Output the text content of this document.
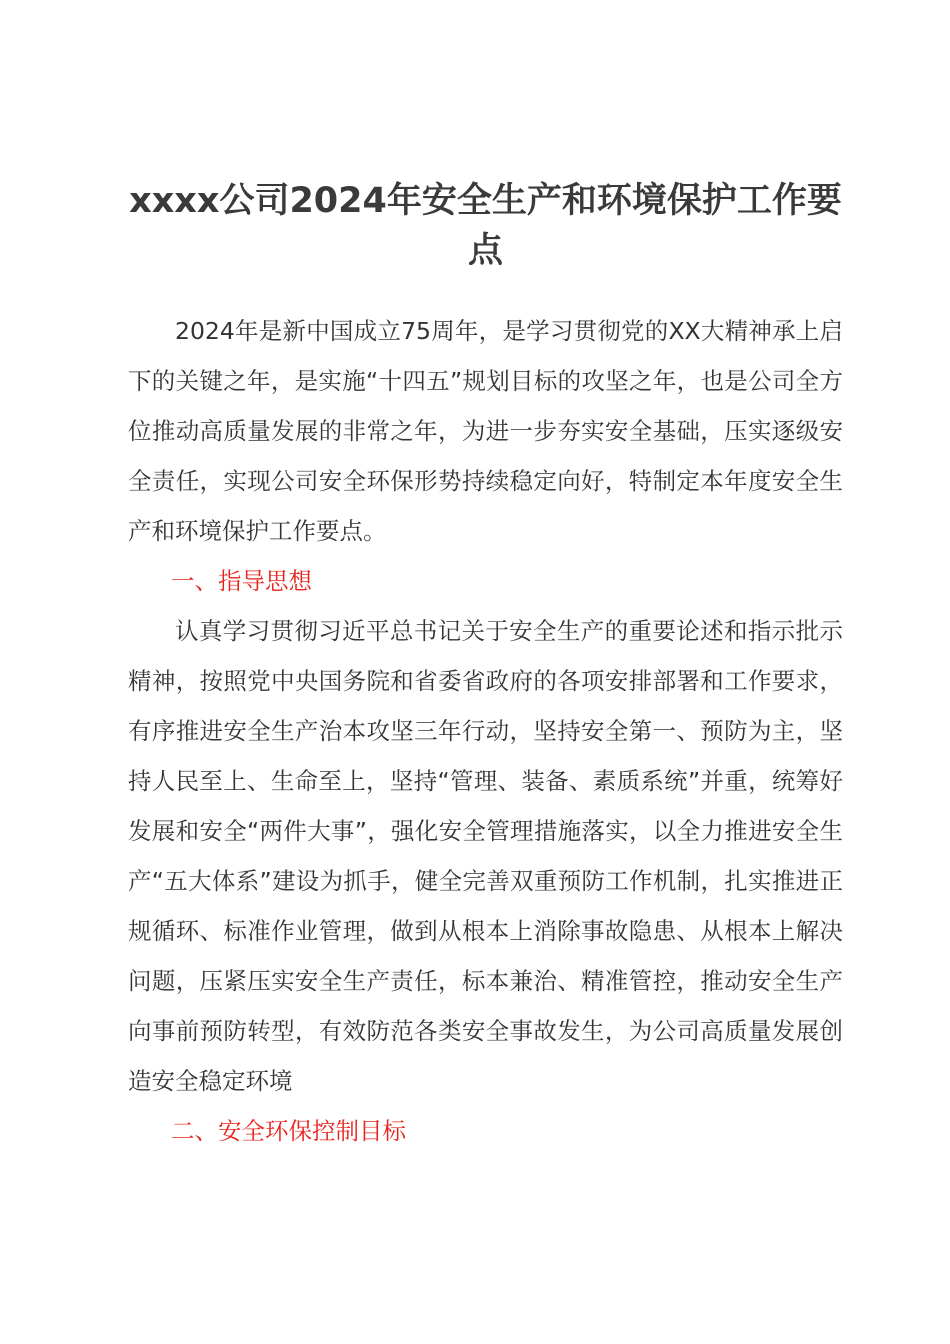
xxxx公司2024年安全生产和环境保护工作要点

2024年是新中国成立75周年，是学习贯彻党的XX大精神承上启下的关键之年，是实施“十四五”规划目标的攻坚之年，也是公司全方位推动高质量发展的非常之年，为进一步夯实安全基础，压实逐级安全责任，实现公司安全环保形势持续稳定向好，特制定本年度安全生产和环境保护工作要点。

一、指导思想

认真学习贯彻习近平总书记关于安全生产的重要论述和指示批示精神，按照党中央国务院和省委省政府的各项安排部署和工作要求，有序推进安全生产治本攻坚三年行动，坚持安全第一、预防为主，坚持人民至上、生命至上，坚持“管理、装备、素质系统”并重，统筹好发展和安全“两件大事”，强化安全管理措施落实，以全力推进安全生产“五大体系”建设为抓手，健全完善双重预防工作机制，扎实推进正规循环、标准作业管理，做到从根本上消除事故隐患、从根本上解决问题，压紧压实安全生产责任，标本兼治、精准管控，推动安全生产向事前预防转型，有效防范各类安全事故发生，为公司高质量发展创造安全稳定环境

二、安全环保控制目标
